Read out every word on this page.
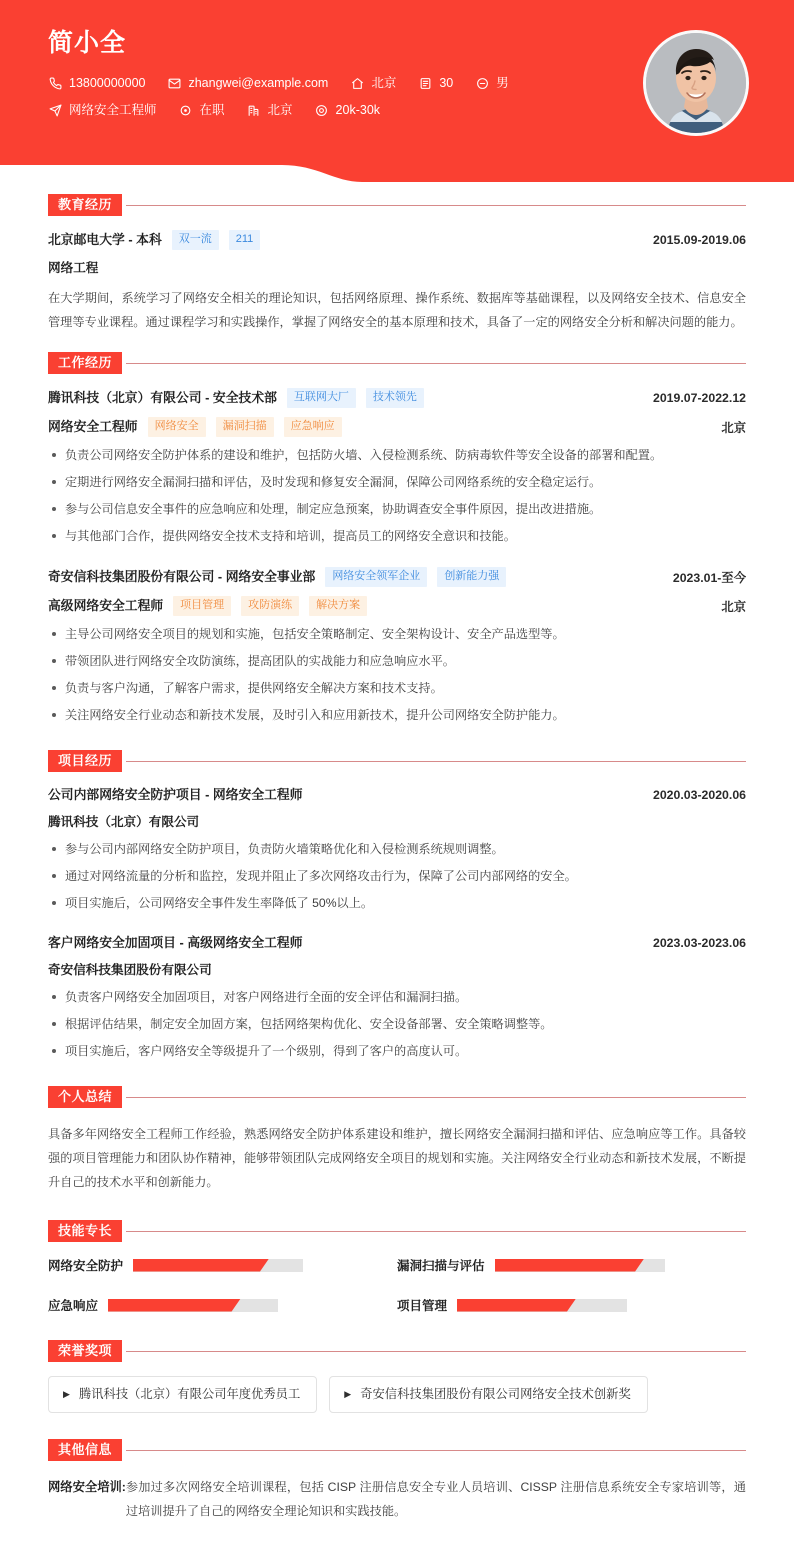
简小全
13800000000	zhangwei@example.com	北京	30	男
网络安全工程师	在职	北京	20k-30k
教育经历
北京邮电大学 - 本科	双一流	211	2015.09-2019.06
网络工程
在大学期间，系统学习了网络安全相关的理论知识，包括网络原理、操作系统、数据库等基础课程，以及网络安全技术、信息安全管理等专业课程。通过课程学习和实践操作，掌握了网络安全的基本原理和技术，具备了一定的网络安全分析和解决问题的能力。
工作经历
腾讯科技（北京）有限公司 - 安全技术部	互联网大厂	技术领先	2019.07-2022.12
网络安全工程师	网络安全	漏洞扫描	应急响应	北京
负责公司网络安全防护体系的建设和维护，包括防火墙、入侵检测系统、防病毒软件等安全设备的部署和配置。
定期进行网络安全漏洞扫描和评估，及时发现和修复安全漏洞，保障公司网络系统的安全稳定运行。
参与公司信息安全事件的应急响应和处理，制定应急预案，协助调查安全事件原因，提出改进措施。
与其他部门合作，提供网络安全技术支持和培训，提高员工的网络安全意识和技能。
奇安信科技集团股份有限公司 - 网络安全事业部	网络安全领军企业	创新能力强	2023.01-至今
高级网络安全工程师	项目管理	攻防演练	解决方案	北京
主导公司网络安全项目的规划和实施，包括安全策略制定、安全架构设计、安全产品选型等。
带领团队进行网络安全攻防演练，提高团队的实战能力和应急响应水平。
负责与客户沟通，了解客户需求，提供网络安全解决方案和技术支持。
关注网络安全行业动态和新技术发展，及时引入和应用新技术，提升公司网络安全防护能力。
项目经历
公司内部网络安全防护项目 - 网络安全工程师	2020.03-2020.06
腾讯科技（北京）有限公司
参与公司内部网络安全防护项目，负责防火墙策略优化和入侵检测系统规则调整。
通过对网络流量的分析和监控，发现并阻止了多次网络攻击行为，保障了公司内部网络的安全。
项目实施后，公司网络安全事件发生率降低了 50%以上。
客户网络安全加固项目 - 高级网络安全工程师	2023.03-2023.06
奇安信科技集团股份有限公司
负责客户网络安全加固项目，对客户网络进行全面的安全评估和漏洞扫描。
根据评估结果，制定安全加固方案，包括网络架构优化、安全设备部署、安全策略调整等。
项目实施后，客户网络安全等级提升了一个级别，得到了客户的高度认可。
个人总结
具备多年网络安全工程师工作经验，熟悉网络安全防护体系建设和维护，擅长网络安全漏洞扫描和评估、应急响应等工作。具备较强的项目管理能力和团队协作精神，能够带领团队完成网络安全项目的规划和实施。关注网络安全行业动态和新技术发展，不断提升自己的技术水平和创新能力。
技能专长
网络安全防护	漏洞扫描与评估
应急响应	项目管理
荣誉奖项
▶ 腾讯科技（北京）有限公司年度优秀员工	▶ 奇安信科技集团股份有限公司网络安全技术创新奖
其他信息
网络安全培训: 参加过多次网络安全培训课程，包括 CISP 注册信息安全专业人员培训、CISSP 注册信息系统安全专家培训等，通过培训提升了自己的网络安全理论知识和实践技能。
